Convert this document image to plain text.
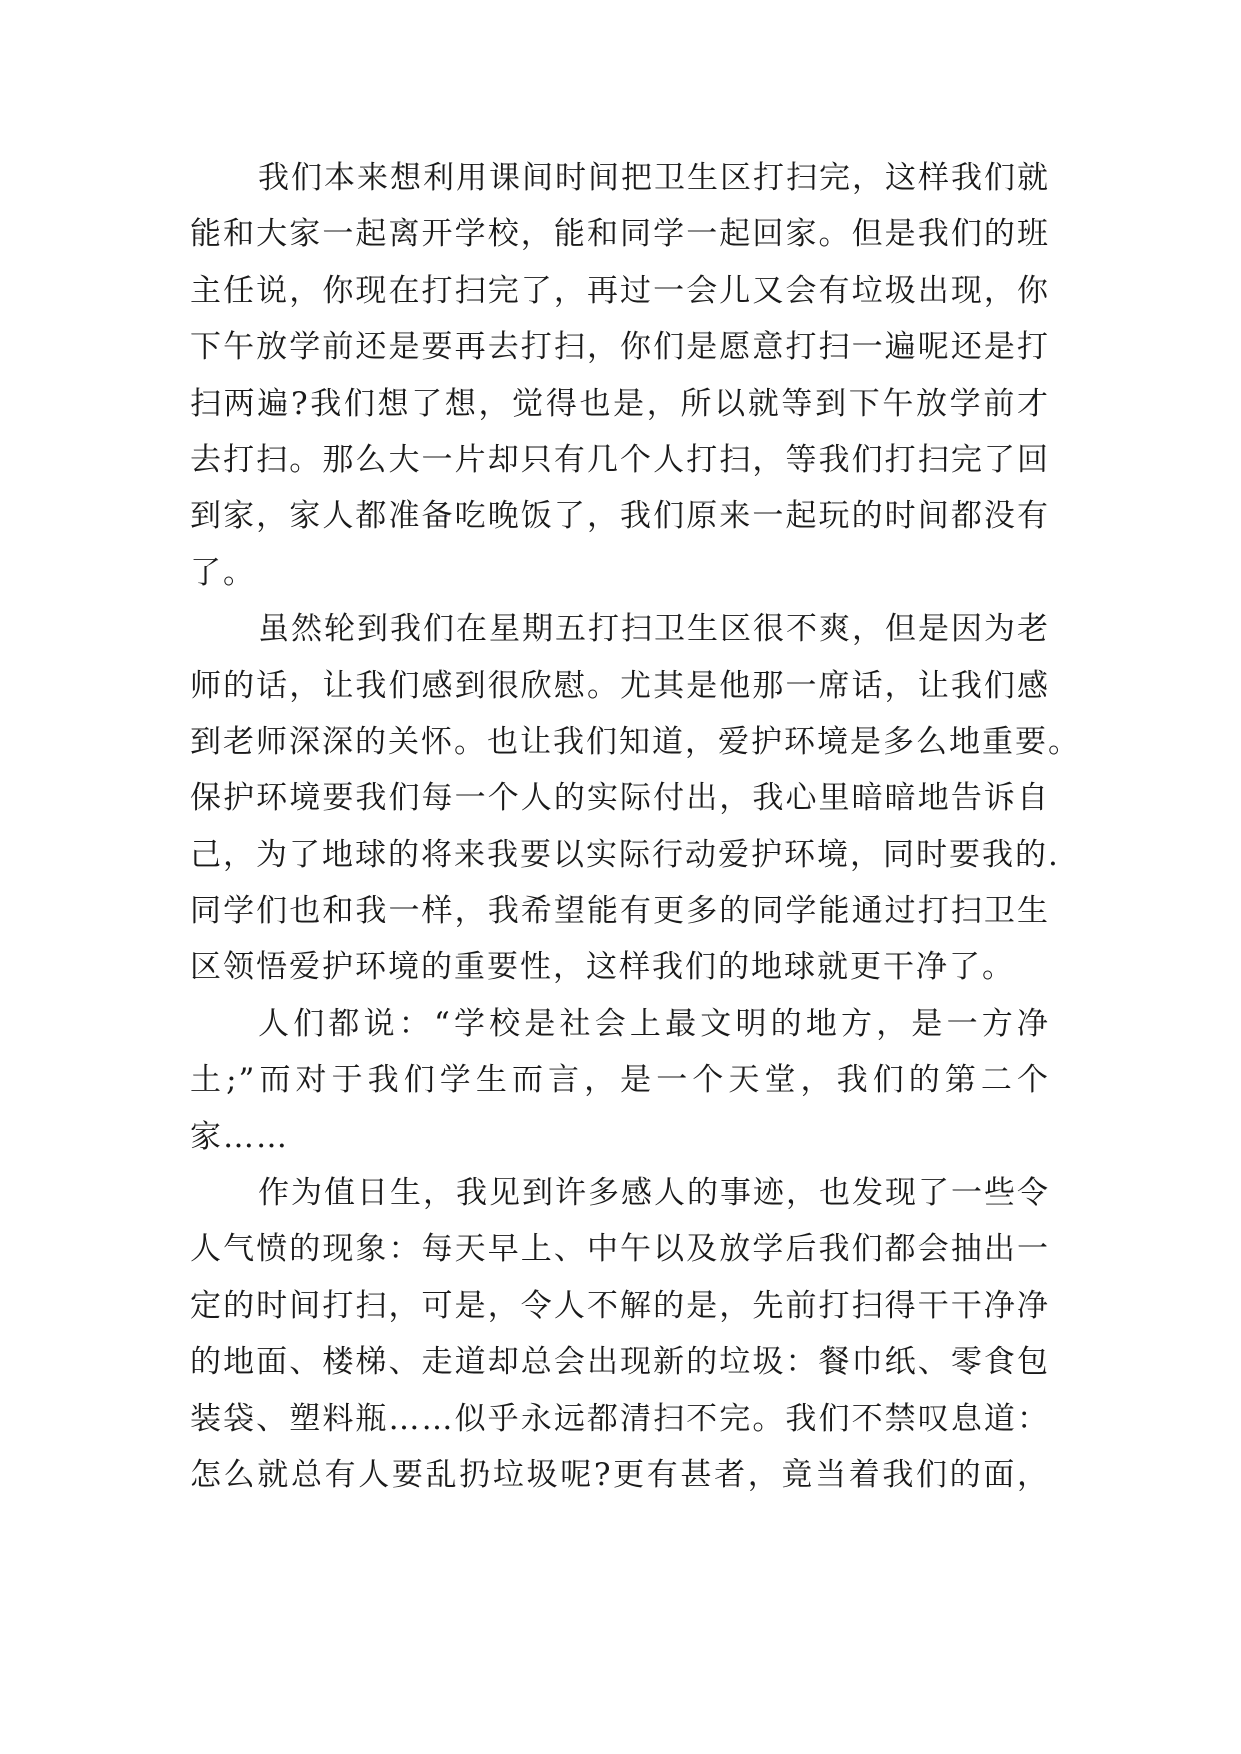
我们本来想利用课间时间把卫生区打扫完，这样我们就
能和大家一起离开学校，能和同学一起回家。但是我们的班
主任说，你现在打扫完了，再过一会儿又会有垃圾出现，你
下午放学前还是要再去打扫，你们是愿意打扫一遍呢还是打
扫两遍?我们想了想，觉得也是，所以就等到下午放学前才
去打扫。那么大一片却只有几个人打扫，等我们打扫完了回
到家，家人都准备吃晚饭了，我们原来一起玩的时间都没有
了。
虽然轮到我们在星期五打扫卫生区很不爽，但是因为老
师的话，让我们感到很欣慰。尤其是他那一席话，让我们感
到老师深深的关怀。也让我们知道，爱护环境是多么地重要。
保护环境要我们每一个人的实际付出，我心里暗暗地告诉自
己，为了地球的将来我要以实际行动爱护环境，同时要我的.
同学们也和我一样，我希望能有更多的同学能通过打扫卫生
区领悟爱护环境的重要性，这样我们的地球就更干净了。
人们都说：“学校是社会上最文明的地方，是一方净
土;”而对于我们学生而言，是一个天堂，我们的第二个
家……
作为值日生，我见到许多感人的事迹，也发现了一些令
人气愤的现象：每天早上、中午以及放学后我们都会抽出一
定的时间打扫，可是，令人不解的是，先前打扫得干干净净
的地面、楼梯、走道却总会出现新的垃圾：餐巾纸、零食包
装袋、塑料瓶……似乎永远都清扫不完。我们不禁叹息道：
怎么就总有人要乱扔垃圾呢?更有甚者，竟当着我们的面，
